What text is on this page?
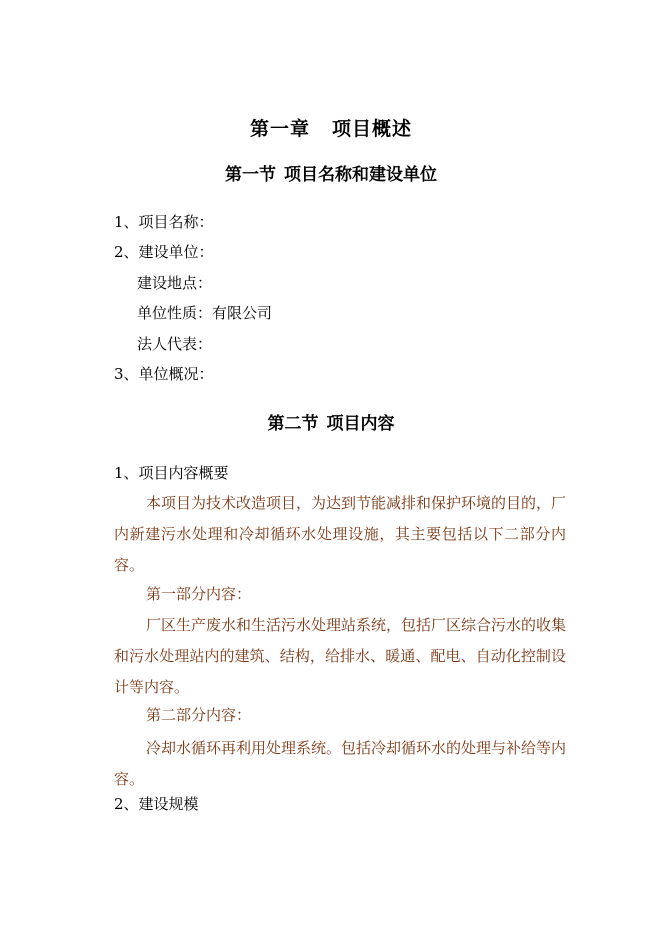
第一章 项目概述
第一节 项目名称和建设单位
1、项目名称：
2、建设单位：
建设地点：
单位性质：有限公司
法人代表：
3、单位概况：
第二节 项目内容
1、项目内容概要
本项目为技术改造项目，为达到节能减排和保护环境的目的，厂内新建污水处理和冷却循环水处理设施，其主要包括以下二部分内容。
第一部分内容：
厂区生产废水和生活污水处理站系统，包括厂区综合污水的收集和污水处理站内的建筑、结构，给排水、暖通、配电、自动化控制设计等内容。
第二部分内容：
冷却水循环再利用处理系统。包括冷却循环水的处理与补给等内容。
2、建设规模
